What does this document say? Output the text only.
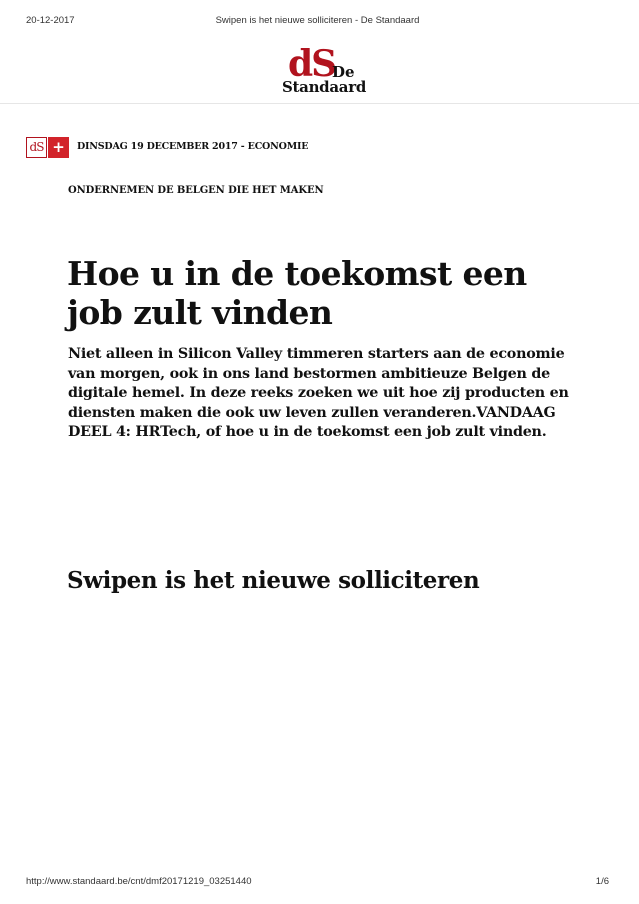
20-12-2017	Swipen is het nieuwe solliciteren - De Standaard
dS
De
Standaard
dS +	DINSDAG 19 DECEMBER 2017 - ECONOMIE
ONDERNEMEN DE BELGEN DIE HET MAKEN
Hoe u in de toekomst een job zult vinden

Niet alleen in Silicon Valley timmeren starters aan de economie van morgen, ook in ons land bestormen ambitieuze Belgen de digitale hemel. In deze reeks zoeken we uit hoe zij producten en diensten maken die ook uw leven zullen veranderen.VANDAAG DEEL 4: HRTech, of hoe u in de toekomst een job zult vinden.

Swipen is het nieuwe solliciteren
http://www.standaard.be/cnt/dmf20171219_03251440	1/6
